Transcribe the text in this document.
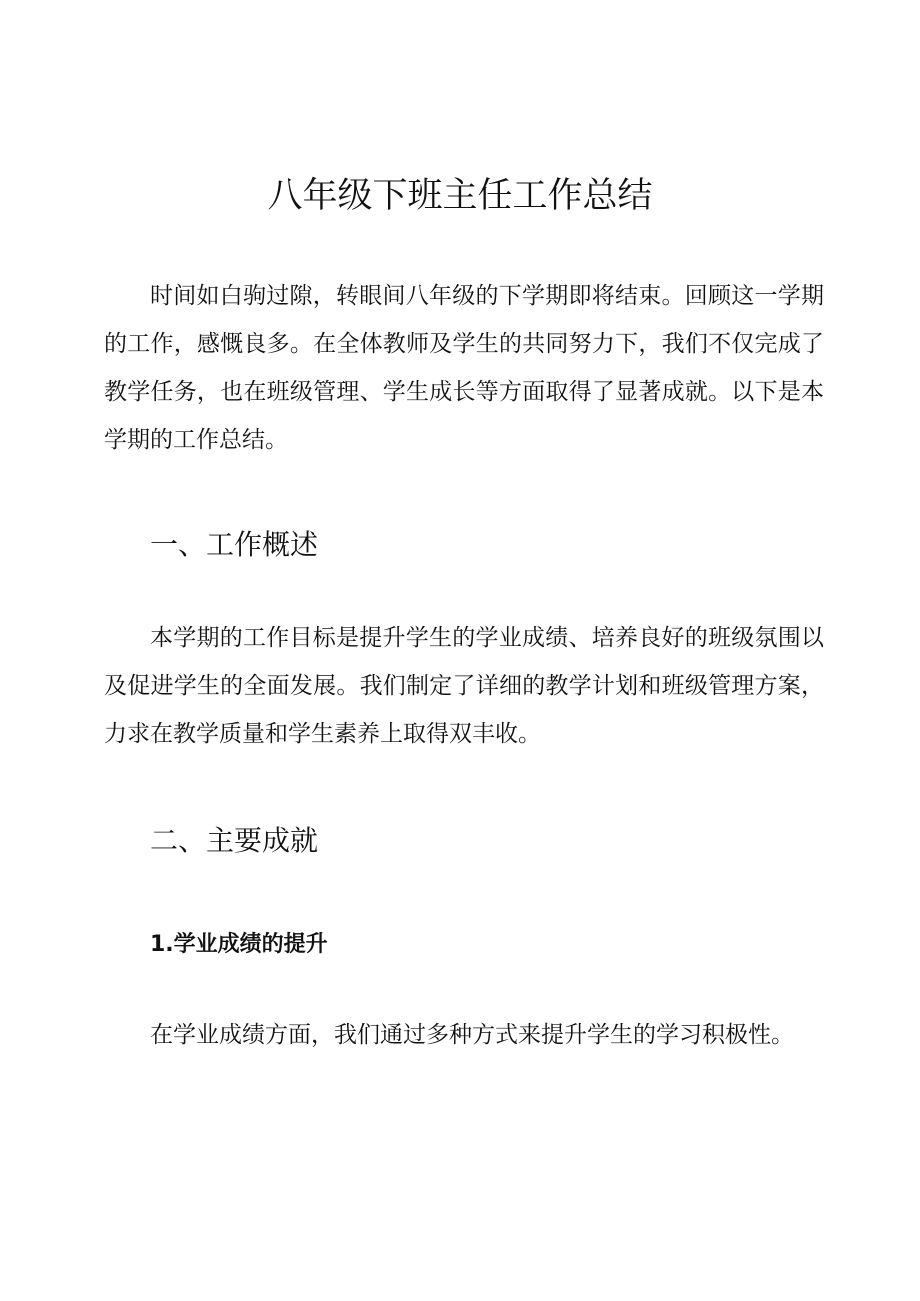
八年级下班主任工作总结

时间如白驹过隙，转眼间八年级的下学期即将结束。回顾这一学期的工作，感慨良多。在全体教师及学生的共同努力下，我们不仅完成了教学任务，也在班级管理、学生成长等方面取得了显著成就。以下是本学期的工作总结。

一、工作概述

本学期的工作目标是提升学生的学业成绩、培养良好的班级氛围以及促进学生的全面发展。我们制定了详细的教学计划和班级管理方案，力求在教学质量和学生素养上取得双丰收。

二、主要成就
1.学业成绩的提升

在学业成绩方面，我们通过多种方式来提升学生的学习积极性。
